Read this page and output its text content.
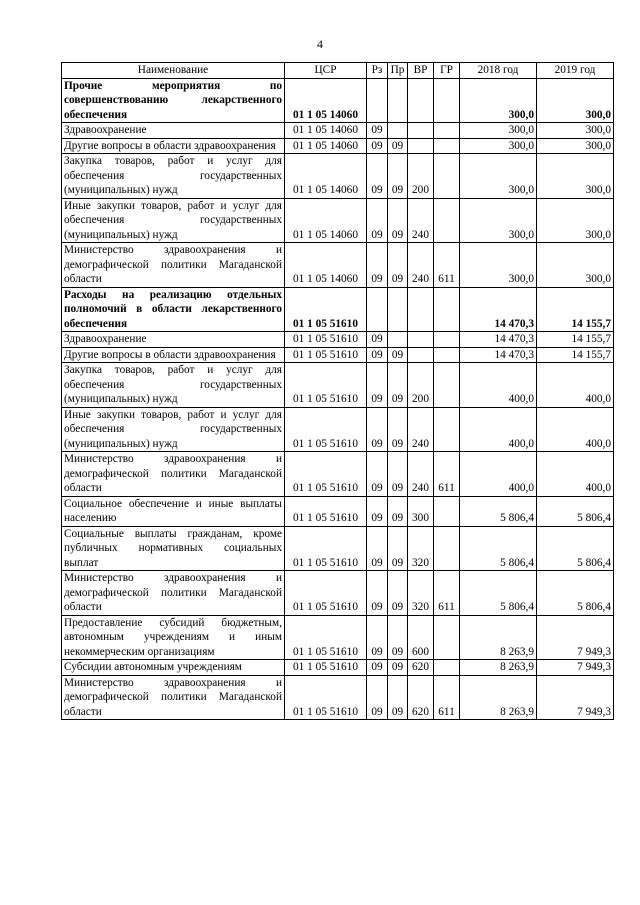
4
Наименование	ЦСР	Рз	Пр	ВР	ГР	2018 год	2019 год
Прочие мероприятия по совершенствованию лекарственного обеспечения	01 1 05 14060					300,0	300,0
Здравоохранение	01 1 05 14060	09				300,0	300,0
Другие вопросы в области здравоохранения	01 1 05 14060	09	09			300,0	300,0
Закупка товаров, работ и услуг для обеспечения государственных (муниципальных) нужд	01 1 05 14060	09	09	200		300,0	300,0
Иные закупки товаров, работ и услуг для обеспечения государственных (муниципальных) нужд	01 1 05 14060	09	09	240		300,0	300,0
Министерство здравоохранения и демографической политики Магаданской области	01 1 05 14060	09	09	240	611	300,0	300,0
Расходы на реализацию отдельных полномочий в области лекарственного обеспечения	01 1 05 51610					14 470,3	14 155,7
Здравоохранение	01 1 05 51610	09				14 470,3	14 155,7
Другие вопросы в области здравоохранения	01 1 05 51610	09	09			14 470,3	14 155,7
Закупка товаров, работ и услуг для обеспечения государственных (муниципальных) нужд	01 1 05 51610	09	09	200		400,0	400,0
Иные закупки товаров, работ и услуг для обеспечения государственных (муниципальных) нужд	01 1 05 51610	09	09	240		400,0	400,0
Министерство здравоохранения и демографической политики Магаданской области	01 1 05 51610	09	09	240	611	400,0	400,0
Социальное обеспечение и иные выплаты населению	01 1 05 51610	09	09	300		5 806,4	5 806,4
Социальные выплаты гражданам, кроме публичных нормативных социальных выплат	01 1 05 51610	09	09	320		5 806,4	5 806,4
Министерство здравоохранения и демографической политики Магаданской области	01 1 05 51610	09	09	320	611	5 806,4	5 806,4
Предоставление субсидий бюджетным, автономным учреждениям и иным некоммерческим организациям	01 1 05 51610	09	09	600		8 263,9	7 949,3
Субсидии автономным учреждениям	01 1 05 51610	09	09	620		8 263,9	7 949,3
Министерство здравоохранения и демографической политики Магаданской области	01 1 05 51610	09	09	620	611	8 263,9	7 949,3
